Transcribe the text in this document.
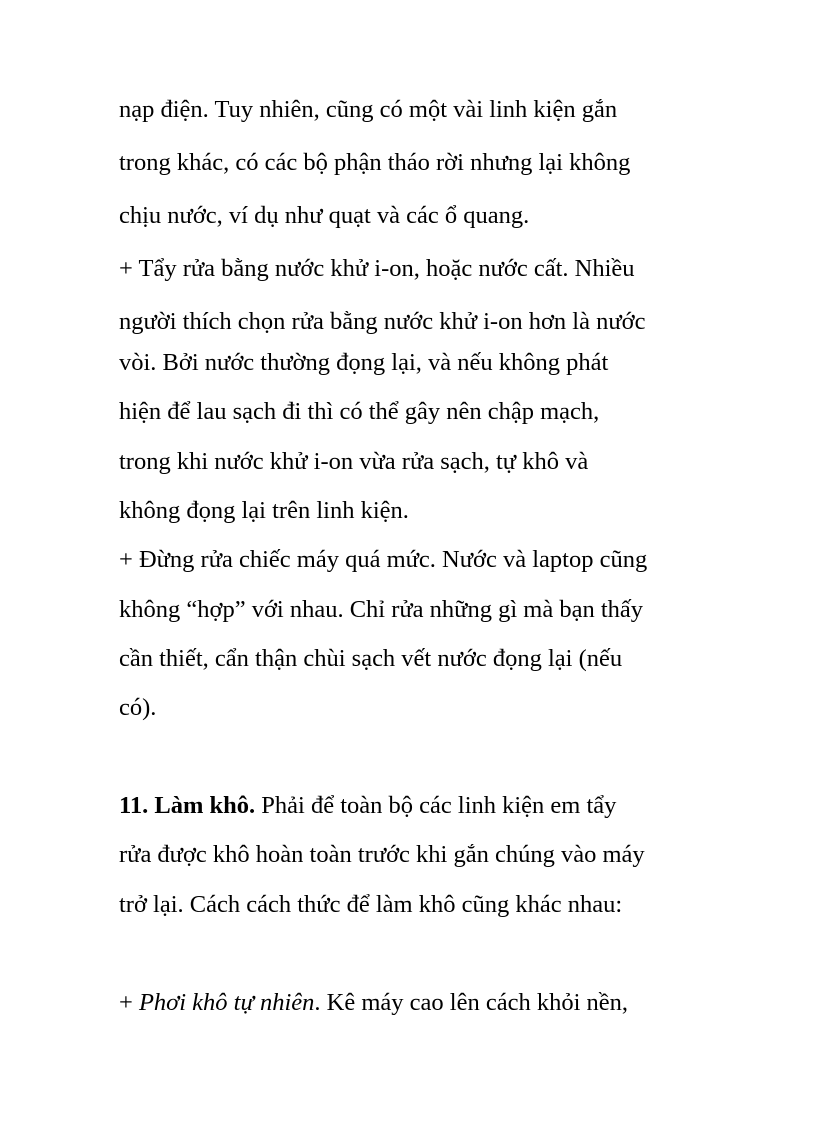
nạp điện. Tuy nhiên, cũng có một vài linh kiện gắn
trong khác, có các bộ phận tháo rời nhưng lại không
chịu nước, ví dụ như quạt và các ổ quang.
+ Tẩy rửa bằng nước khử i-on, hoặc nước cất. Nhiều
người thích chọn rửa bằng nước khử i-on hơn là nước
vòi. Bởi nước thường đọng lại, và nếu không phát
hiện để lau sạch đi thì có thể gây nên chập mạch,
trong khi nước khử i-on vừa rửa sạch, tự khô và
không đọng lại trên linh kiện.
+ Đừng rửa chiếc máy quá mức. Nước và laptop cũng
không “hợp” với nhau. Chỉ rửa những gì mà bạn thấy
cần thiết, cẩn thận chùi sạch vết nước đọng lại (nếu
có).
11. Làm khô. Phải để toàn bộ các linh kiện em tẩy
rửa được khô hoàn toàn trước khi gắn chúng vào máy
trở lại. Cách cách thức để làm khô cũng khác nhau:
+ Phơi khô tự nhiên. Kê máy cao lên cách khỏi nền,
